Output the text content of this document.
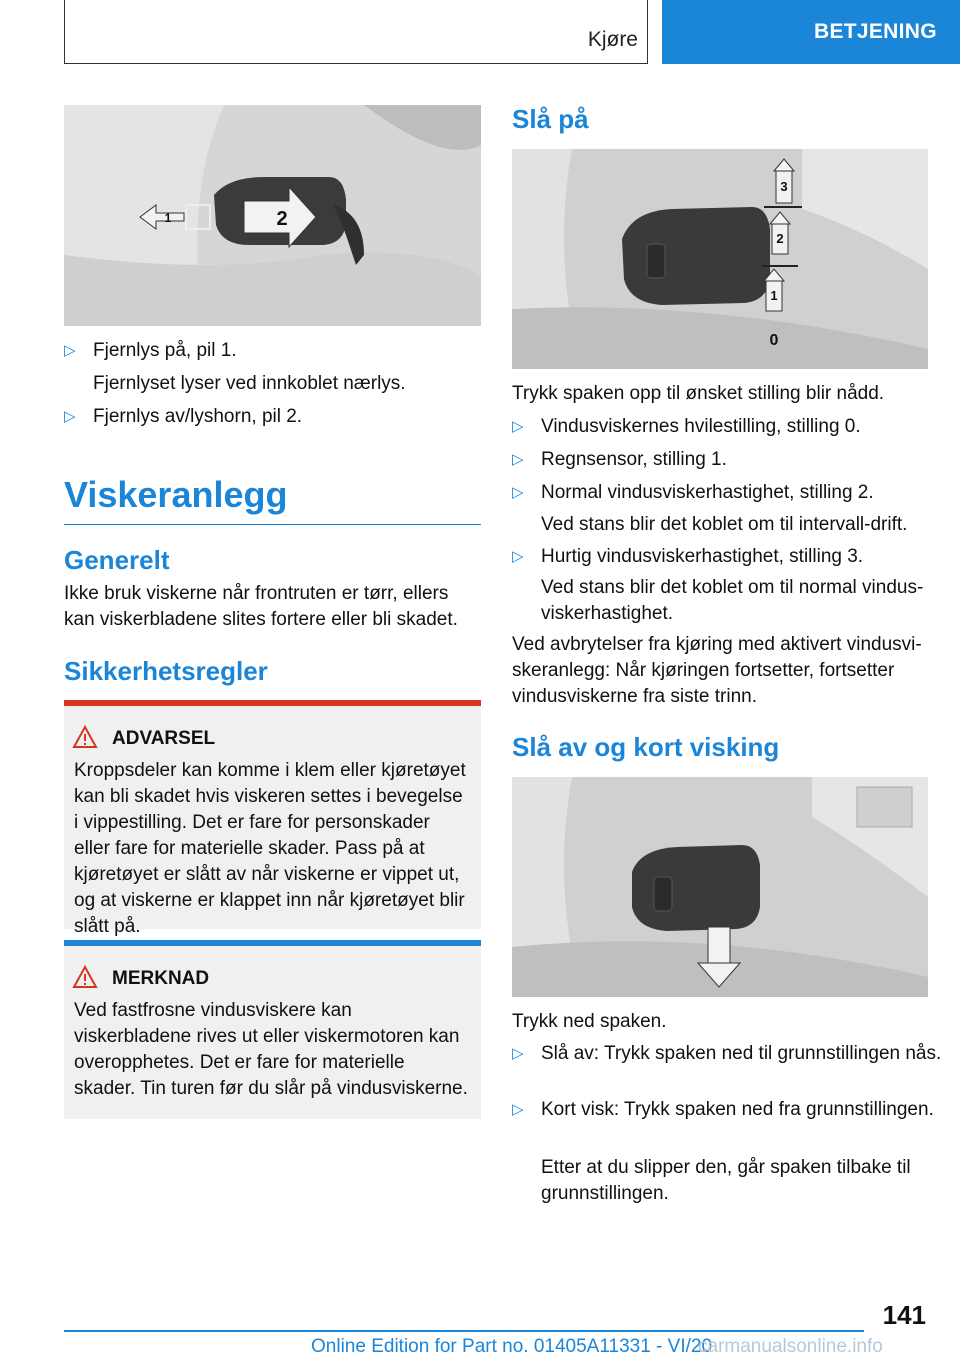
Kjøre	BETJENING
1	2
▷ Fjernlys på, pil 1.
Fjernlyset lyser ved innkoblet nærlys.
▷ Fjernlys av/lyshorn, pil 2.
Viskeranlegg
Generelt
Ikke bruk viskerne når frontruten er tørr, ellers kan viskerbladene slites fortere eller bli skadet.
Sikkerhetsregler
ADVARSEL
Kroppsdeler kan komme i klem eller kjøretøyet kan bli skadet hvis viskeren settes i bevegelse i vippestilling. Det er fare for personskader eller fare for materielle skader. Pass på at kjøretøyet er slått av når viskerne er vippet ut, og at viskerne er klappet inn når kjøretøyet blir slått på.
MERKNAD
Ved fastfrosne vindusviskere kan viskerbladene rives ut eller viskermotoren kan overopphetes. Det er fare for materielle skader. Tin turen før du slår på vindusviskerne.
Slå på
3
2
1
0
Trykk spaken opp til ønsket stilling blir nådd.
▷ Vindusviskernes hvilestilling, stilling 0.
▷ Regnsensor, stilling 1.
▷ Normal vindusviskerhastighet, stilling 2.
Ved stans blir det koblet om til intervall-drift.
▷ Hurtig vindusviskerhastighet, stilling 3.
Ved stans blir det koblet om til normal vindusviskerhastighet.
Ved avbrytelser fra kjøring med aktivert vindusviskeranlegg: Når kjøringen fortsetter, fortsetter vindusviskerne fra siste trinn.
Slå av og kort visking
Trykk ned spaken.
▷ Slå av: Trykk spaken ned til grunnstillingen nås.
▷ Kort visk: Trykk spaken ned fra grunnstillingen.
Etter at du slipper den, går spaken tilbake til grunnstillingen.
141
Online Edition for Part no. 01405A11331 - VI/20
carmanualsonline.info
